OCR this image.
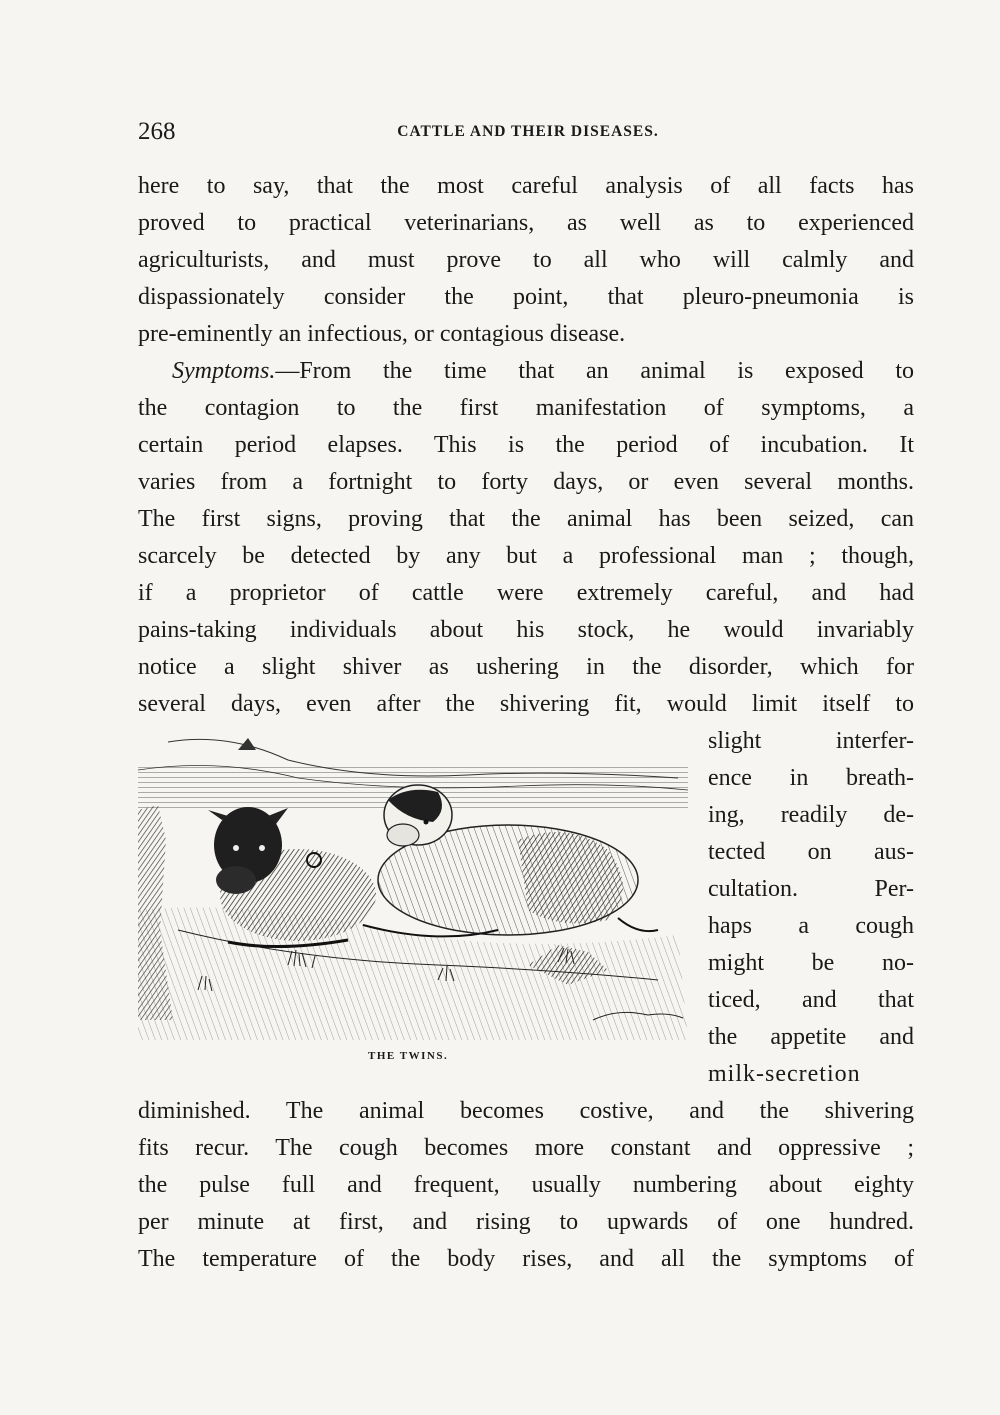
268	CATTLE AND THEIR DISEASES.
here to say, that the most careful analysis of all facts has
proved to practical veterinarians, as well as to experienced
agriculturists, and must prove to all who will calmly and
dispassionately consider the point, that pleuro-pneumonia is
pre-eminently an infectious, or contagious disease.
Symptoms.—From the time that an animal is exposed to
the contagion to the first manifestation of symptoms, a
certain period elapses. This is the period of incubation. It
varies from a fortnight to forty days, or even several months.
The first signs, proving that the animal has been seized, can
scarcely be detected by any but a professional man ; though,
if a proprietor of cattle were extremely careful, and had
pains-taking individuals about his stock, he would invariably
notice a slight shiver as ushering in the disorder, which for
several days, even after the shivering fit, would limit itself to
slight interfer-
ence in breath-
ing, readily de-
tected on aus-
cultation. Per-
haps a cough
might be no-
ticed, and that
the appetite and
milk-secretion
THE TWINS.
diminished. The animal becomes costive, and the shivering
fits recur. The cough becomes more constant and oppressive ;
the pulse full and frequent, usually numbering about eighty
per minute at first, and rising to upwards of one hundred.
The temperature of the body rises, and all the symptoms of
